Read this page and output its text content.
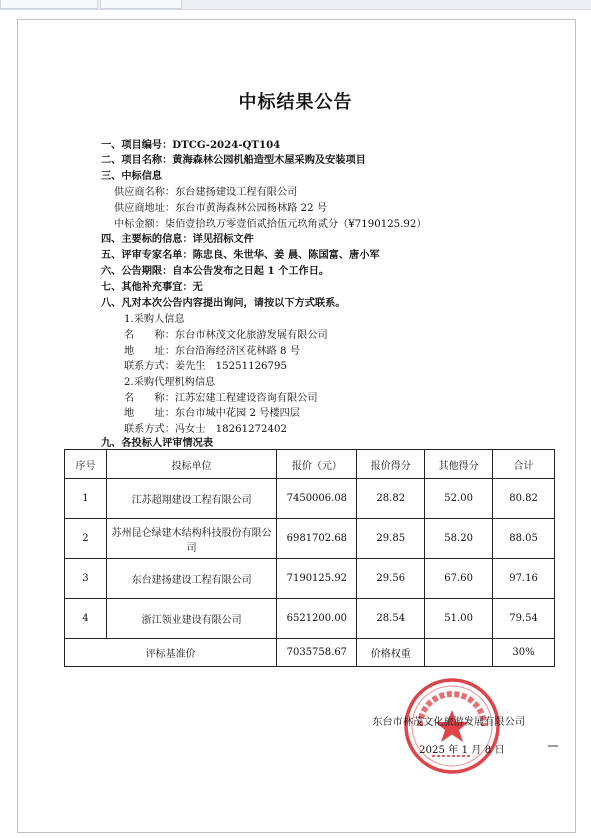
中标结果公告
一、项目编号：DTCG-2024-QT104
二、项目名称：黄海森林公园机船造型木屋采购及安装项目
三、中标信息
供应商名称：东台建扬建设工程有限公司
供应商地址：东台市黄海森林公园杨林路 22 号
中标金额：柒佰壹拾玖万零壹佰贰拾伍元玖角贰分（¥7190125.92）
四、主要标的信息：详见招标文件
五、评审专家名单：陈忠良、朱世华、姜 晨、陈国富、唐小军
六、公告期限：自本公告发布之日起 1 个工作日。
七、其他补充事宜：无
八、凡对本次公告内容提出询问，请按以下方式联系。
1.采购人信息
名　　称：东台市林茂文化旅游发展有限公司
地　　址：东台沿海经济区花林路 8 号
联系方式：姜先生　15251126795
2.采购代理机构信息
名　　称：江苏宏建工程建设咨询有限公司
地　　址：东台市城中花园 2 号楼四层
联系方式：冯女士　18261272402
九、各投标人评审情况表
序号	投标单位	报价（元）	报价得分	其他得分	合计
1	江苏超翔建设工程有限公司	7450006.08	28.82	52.00	80.82
2	苏州昆仑绿建木结构科技股份有限公司	6981702.68	29.85	58.20	88.05
3	东台建扬建设工程有限公司	7190125.92	29.56	67.60	97.16
4	浙江领业建设有限公司	6521200.00	28.54	51.00	79.54
评标基准价		7035758.67	价格权重		30%
东台市林茂文化旅游发展有限公司
2025 年 1 月 8 日
